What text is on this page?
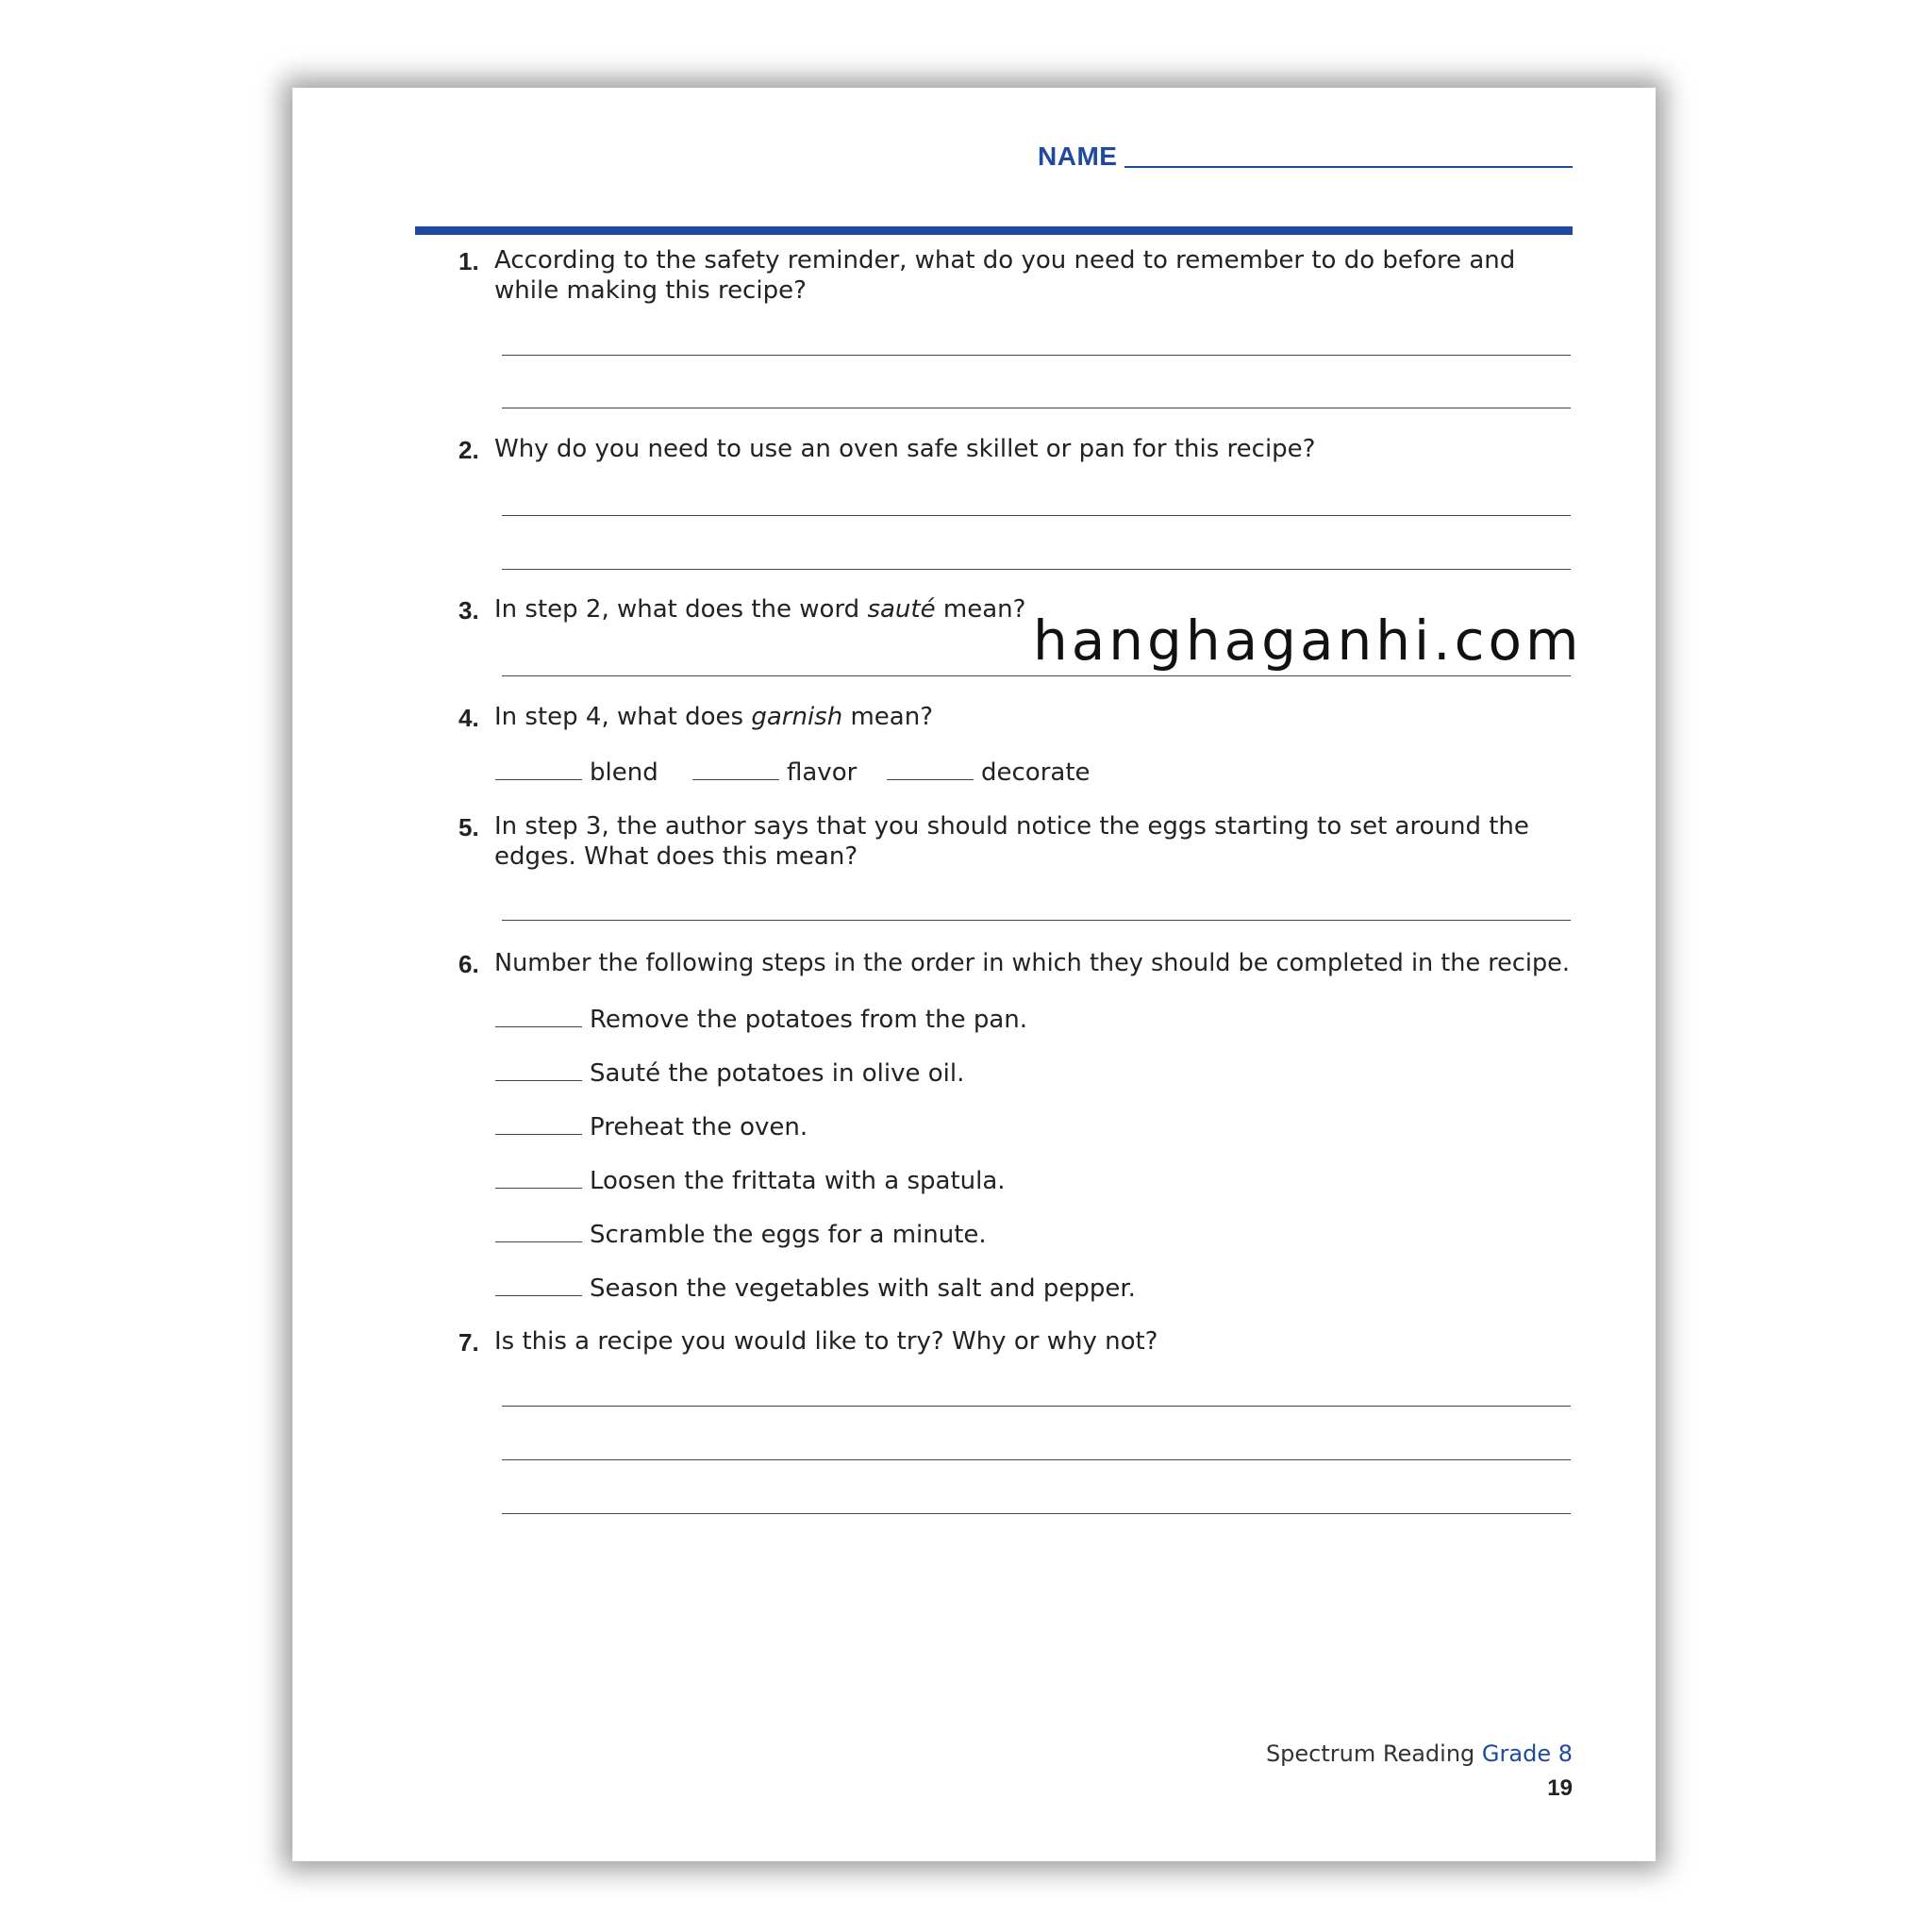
NAME
1. According to the safety reminder, what do you need to remember to do before and while making this recipe?
2. Why do you need to use an oven safe skillet or pan for this recipe?
3. In step 2, what does the word sauté mean? hanghaganhi.com
4. In step 4, what does garnish mean?
blend	flavor	decorate
5. In step 3, the author says that you should notice the eggs starting to set around the edges. What does this mean?
6. Number the following steps in the order in which they should be completed in the recipe.
Remove the potatoes from the pan.
Sauté the potatoes in olive oil.
Preheat the oven.
Loosen the frittata with a spatula.
Scramble the eggs for a minute.
Season the vegetables with salt and pepper.
7. Is this a recipe you would like to try? Why or why not?
Spectrum Reading Grade 8
19
